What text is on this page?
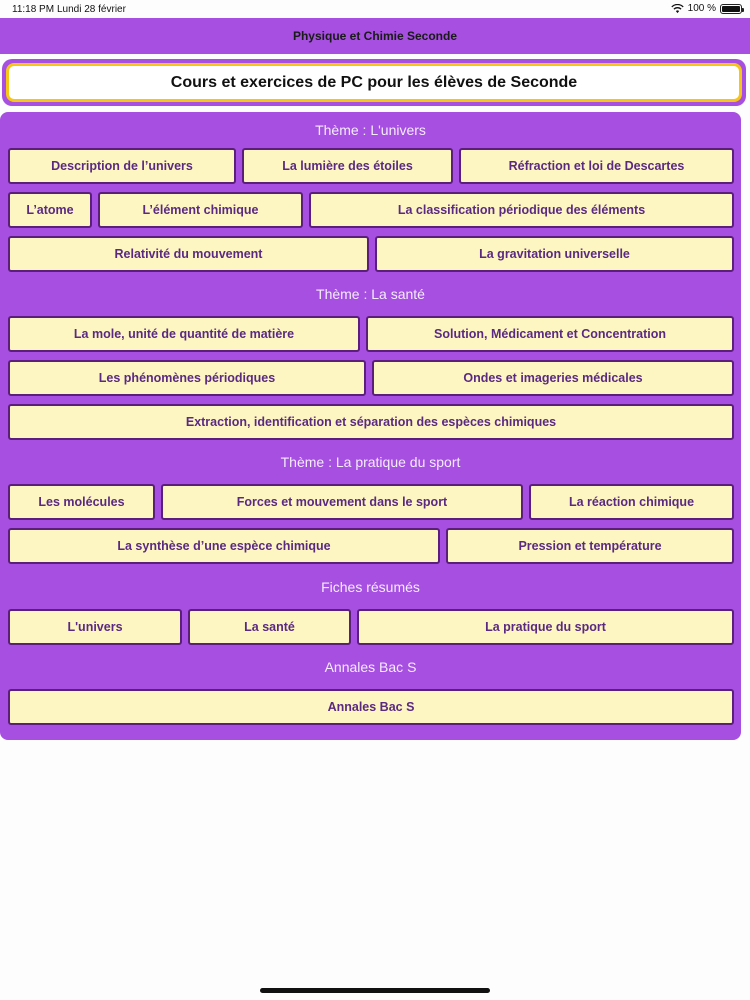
11:18 PM Lundi 28 février	100 %
Physique et Chimie Seconde
Cours et exercices de PC pour les élèves de Seconde
Thème : L'univers
Description de l’univers	La lumière des étoiles	Réfraction et loi de Descartes
L’atome	L’élément chimique	La classification périodique des éléments
Relativité du mouvement	La gravitation universelle
Thème : La santé
La mole, unité de quantité de matière	Solution, Médicament et Concentration
Les phénomènes périodiques	Ondes et imageries médicales
Extraction, identification et séparation des espèces chimiques
Thème : La pratique du sport
Les molécules	Forces et mouvement dans le sport	La réaction chimique
La synthèse d’une espèce chimique	Pression et température
Fiches résumés
L'univers	La santé	La pratique du sport
Annales Bac S
Annales Bac S
